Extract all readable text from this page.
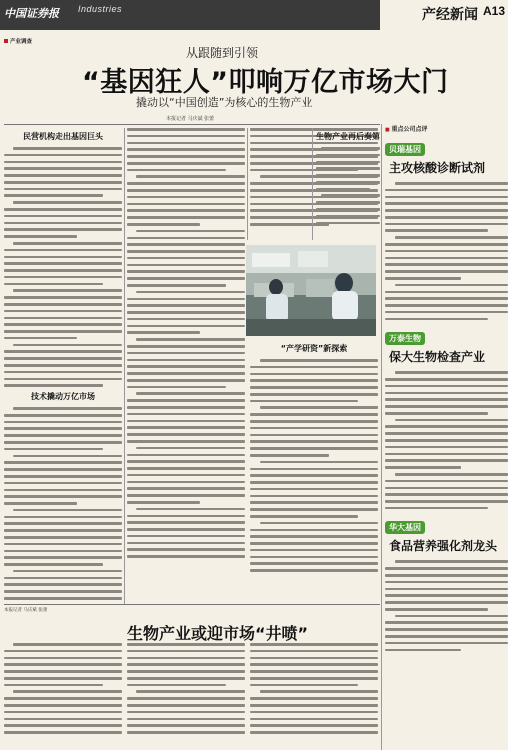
中国证券报 Industries	产经新闻 A13
产业调查
从跟随到引领
“基因狂人”叩响万亿市场大门
撬动以“中国创造”为核心的生物产业
本报记者 马庆斌 张蕾
民营机构走出基因巨头
技术撬动万亿市场
“产学研资”新探索
生物产业再后奏第
■ 重点公司点评
贝瑞基因
主攻核酸诊断试剂
万泰生物
保大生物检查产业
华大基因
食品营养强化剂龙头
本报记者 马庆斌 张蕾
生物产业或迎市场“井喷”
